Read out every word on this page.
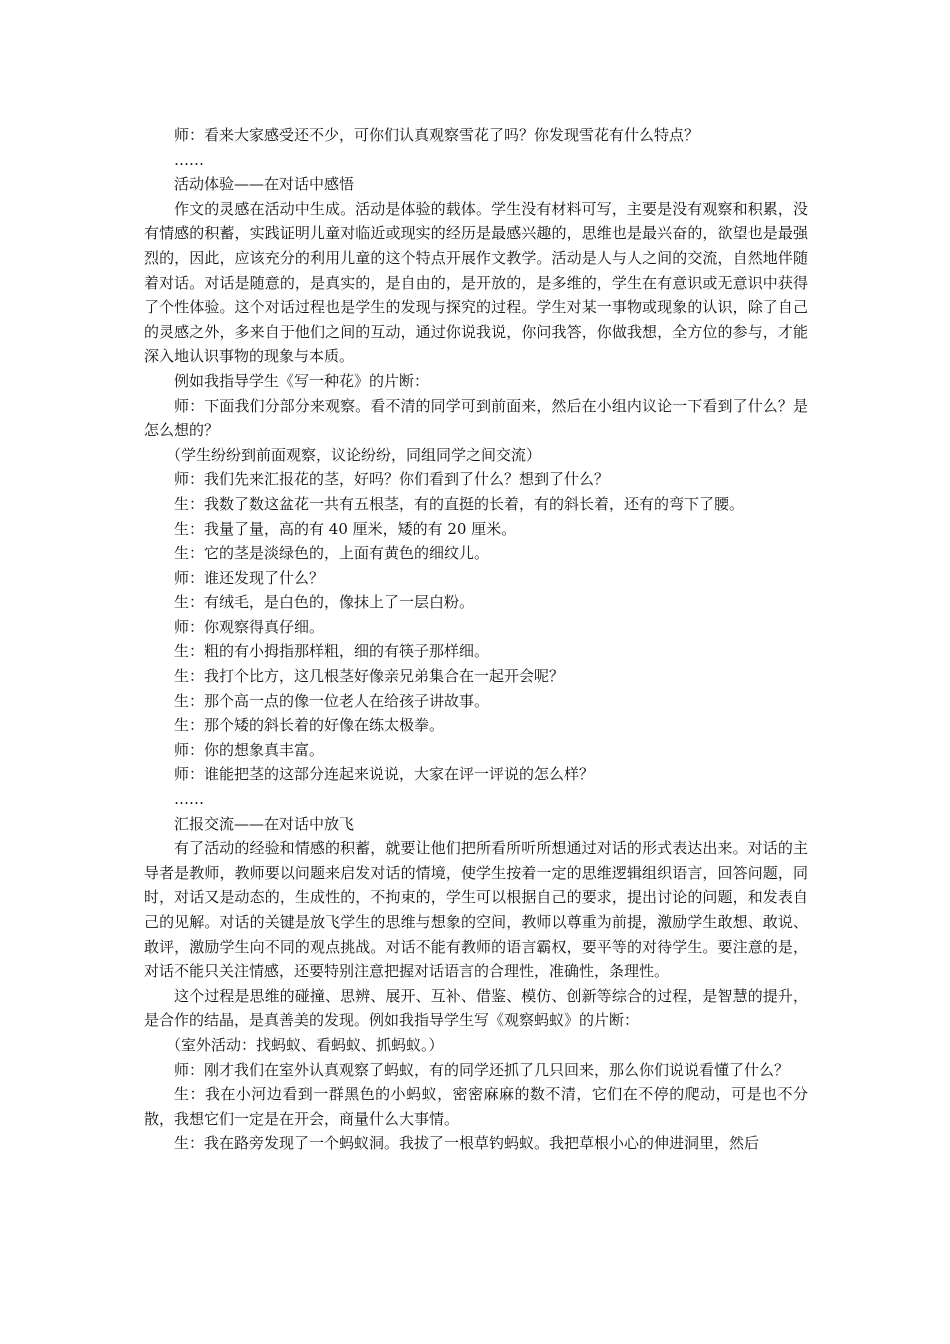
师：看来大家感受还不少，可你们认真观察雪花了吗？你发现雪花有什么特点？

……

活动体验——在对话中感悟

作文的灵感在活动中生成。活动是体验的载体。学生没有材料可写，主要是没有观察和积累，没有情感的积蓄，实践证明儿童对临近或现实的经历是最感兴趣的，思维也是最兴奋的，欲望也是最强烈的，因此，应该充分的利用儿童的这个特点开展作文教学。活动是人与人之间的交流，自然地伴随着对话。对话是随意的，是真实的，是自由的，是开放的，是多维的，学生在有意识或无意识中获得了个性体验。这个对话过程也是学生的发现与探究的过程。学生对某一事物或现象的认识，除了自己的灵感之外，多来自于他们之间的互动，通过你说我说，你问我答，你做我想，全方位的参与，才能深入地认识事物的现象与本质。

例如我指导学生《写一种花》的片断：

师：下面我们分部分来观察。看不清的同学可到前面来，然后在小组内议论一下看到了什么？是怎么想的？

（学生纷纷到前面观察，议论纷纷，同组同学之间交流）

师：我们先来汇报花的茎，好吗？你们看到了什么？想到了什么？

生：我数了数这盆花一共有五根茎，有的直挺的长着，有的斜长着，还有的弯下了腰。

生：我量了量，高的有 40 厘米，矮的有 20 厘米。

生：它的茎是淡绿色的，上面有黄色的细纹儿。

师：谁还发现了什么？

生：有绒毛，是白色的，像抹上了一层白粉。

师：你观察得真仔细。

生：粗的有小拇指那样粗，细的有筷子那样细。

生：我打个比方，这几根茎好像亲兄弟集合在一起开会呢？

生：那个高一点的像一位老人在给孩子讲故事。

生：那个矮的斜长着的好像在练太极拳。

师：你的想象真丰富。

师：谁能把茎的这部分连起来说说，大家在评一评说的怎么样？

……

汇报交流——在对话中放飞

有了活动的经验和情感的积蓄，就要让他们把所看所听所想通过对话的形式表达出来。对话的主导者是教师，教师要以问题来启发对话的情境，使学生按着一定的思维逻辑组织语言，回答问题，同时，对话又是动态的，生成性的，不拘束的，学生可以根据自己的要求，提出讨论的问题，和发表自己的见解。对话的关键是放飞学生的思维与想象的空间，教师以尊重为前提，激励学生敢想、敢说、敢评，激励学生向不同的观点挑战。对话不能有教师的语言霸权，要平等的对待学生。要注意的是，对话不能只关注情感，还要特别注意把握对话语言的合理性，准确性，条理性。

这个过程是思维的碰撞、思辨、展开、互补、借鉴、模仿、创新等综合的过程，是智慧的提升，是合作的结晶，是真善美的发现。例如我指导学生写《观察蚂蚁》的片断：

（室外活动：找蚂蚁、看蚂蚁、抓蚂蚁。）

师：刚才我们在室外认真观察了蚂蚁，有的同学还抓了几只回来，那么你们说说看懂了什么？

生：我在小河边看到一群黑色的小蚂蚁，密密麻麻的数不清，它们在不停的爬动，可是也不分散，我想它们一定是在开会，商量什么大事情。

生：我在路旁发现了一个蚂蚁洞。我拔了一根草钓蚂蚁。我把草根小心的伸进洞里，然后
